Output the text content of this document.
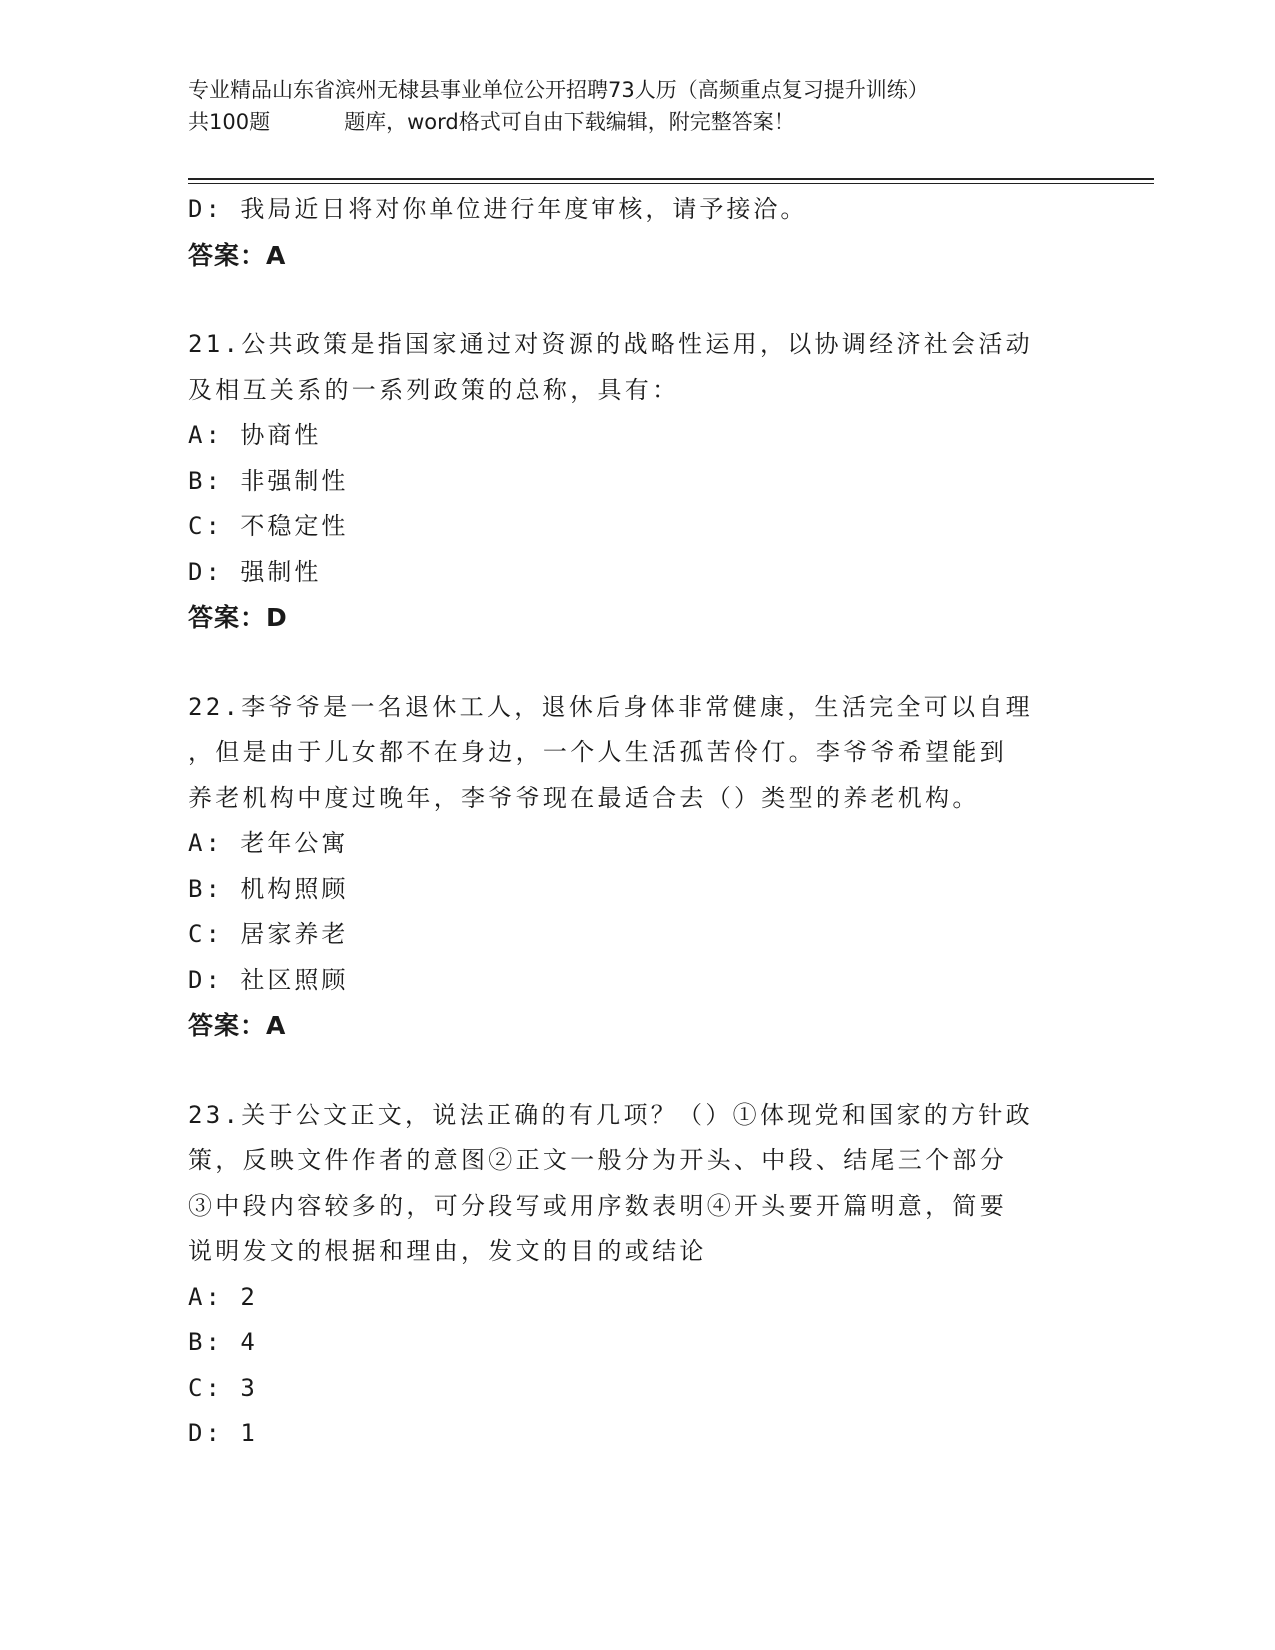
专业精品山东省滨州无棣县事业单位公开招聘73人历（高频重点复习提升训练）
共100题	题库，word格式可自由下载编辑，附完整答案！
D: 我局近日将对你单位进行年度审核，请予接洽。
答案：A
21.公共政策是指国家通过对资源的战略性运用，以协调经济社会活动
及相互关系的一系列政策的总称，具有：
A: 协商性
B: 非强制性
C: 不稳定性
D: 强制性
答案：D
22.李爷爷是一名退休工人，退休后身体非常健康，生活完全可以自理
，但是由于儿女都不在身边，一个人生活孤苦伶仃。李爷爷希望能到
养老机构中度过晚年，李爷爷现在最适合去（）类型的养老机构。
A: 老年公寓
B: 机构照顾
C: 居家养老
D: 社区照顾
答案：A
23.关于公文正文，说法正确的有几项？（）①体现党和国家的方针政
策，反映文件作者的意图②正文一般分为开头、中段、结尾三个部分
③中段内容较多的，可分段写或用序数表明④开头要开篇明意，简要
说明发文的根据和理由，发文的目的或结论
A: 2
B: 4
C: 3
D: 1
